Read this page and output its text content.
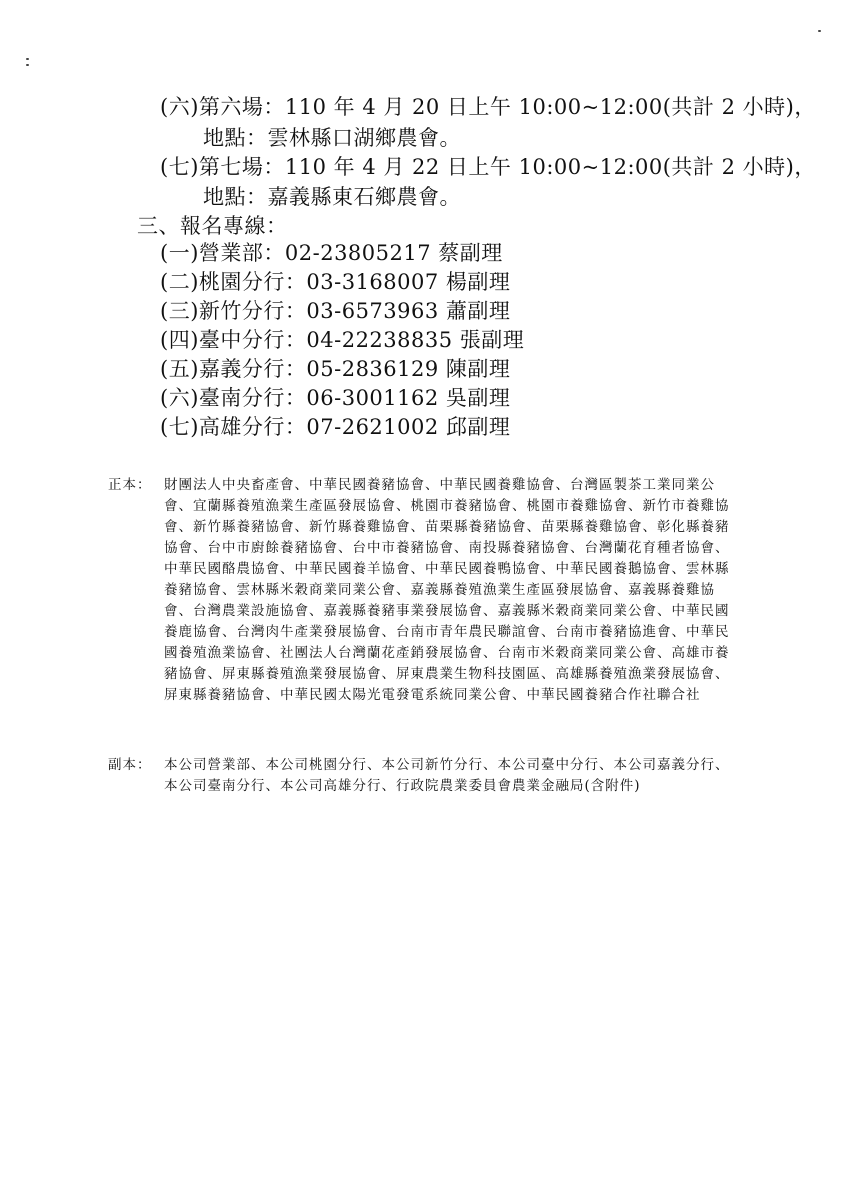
(六)第六場：110 年 4 月 20 日上午 10:00~12:00(共計 2 小時)，
地點：雲林縣口湖鄉農會。
(七)第七場：110 年 4 月 22 日上午 10:00~12:00(共計 2 小時)，
地點：嘉義縣東石鄉農會。
三、報名專線：
(一)營業部：02-23805217 蔡副理
(二)桃園分行：03-3168007 楊副理
(三)新竹分行：03-6573963 蕭副理
(四)臺中分行：04-22238835 張副理
(五)嘉義分行：05-2836129 陳副理
(六)臺南分行：06-3001162 吳副理
(七)高雄分行：07-2621002 邱副理
正本： 財團法人中央畜產會、中華民國養豬協會、中華民國養雞協會、台灣區製茶工業同業公會、宜蘭縣養殖漁業生產區發展協會、桃園市養豬協會、桃園市養雞協會、新竹市養雞協會、新竹縣養豬協會、新竹縣養雞協會、苗栗縣養豬協會、苗栗縣養雞協會、彰化縣養豬協會、台中市廚餘養豬協會、台中市養豬協會、南投縣養豬協會、台灣蘭花育種者協會、中華民國酪農協會、中華民國養羊協會、中華民國養鴨協會、中華民國養鵝協會、雲林縣養豬協會、雲林縣米穀商業同業公會、嘉義縣養殖漁業生產區發展協會、嘉義縣養雞協會、台灣農業設施協會、嘉義縣養豬事業發展協會、嘉義縣米穀商業同業公會、中華民國養鹿協會、台灣肉牛產業發展協會、台南市青年農民聯誼會、台南市養豬協進會、中華民國養殖漁業協會、社團法人台灣蘭花產銷發展協會、台南市米穀商業同業公會、高雄市養豬協會、屏東縣養殖漁業發展協會、屏東農業生物科技園區、高雄縣養殖漁業發展協會、屏東縣養豬協會、中華民國太陽光電發電系統同業公會、中華民國養豬合作社聯合社
副本： 本公司營業部、本公司桃園分行、本公司新竹分行、本公司臺中分行、本公司嘉義分行、本公司臺南分行、本公司高雄分行、行政院農業委員會農業金融局(含附件)
